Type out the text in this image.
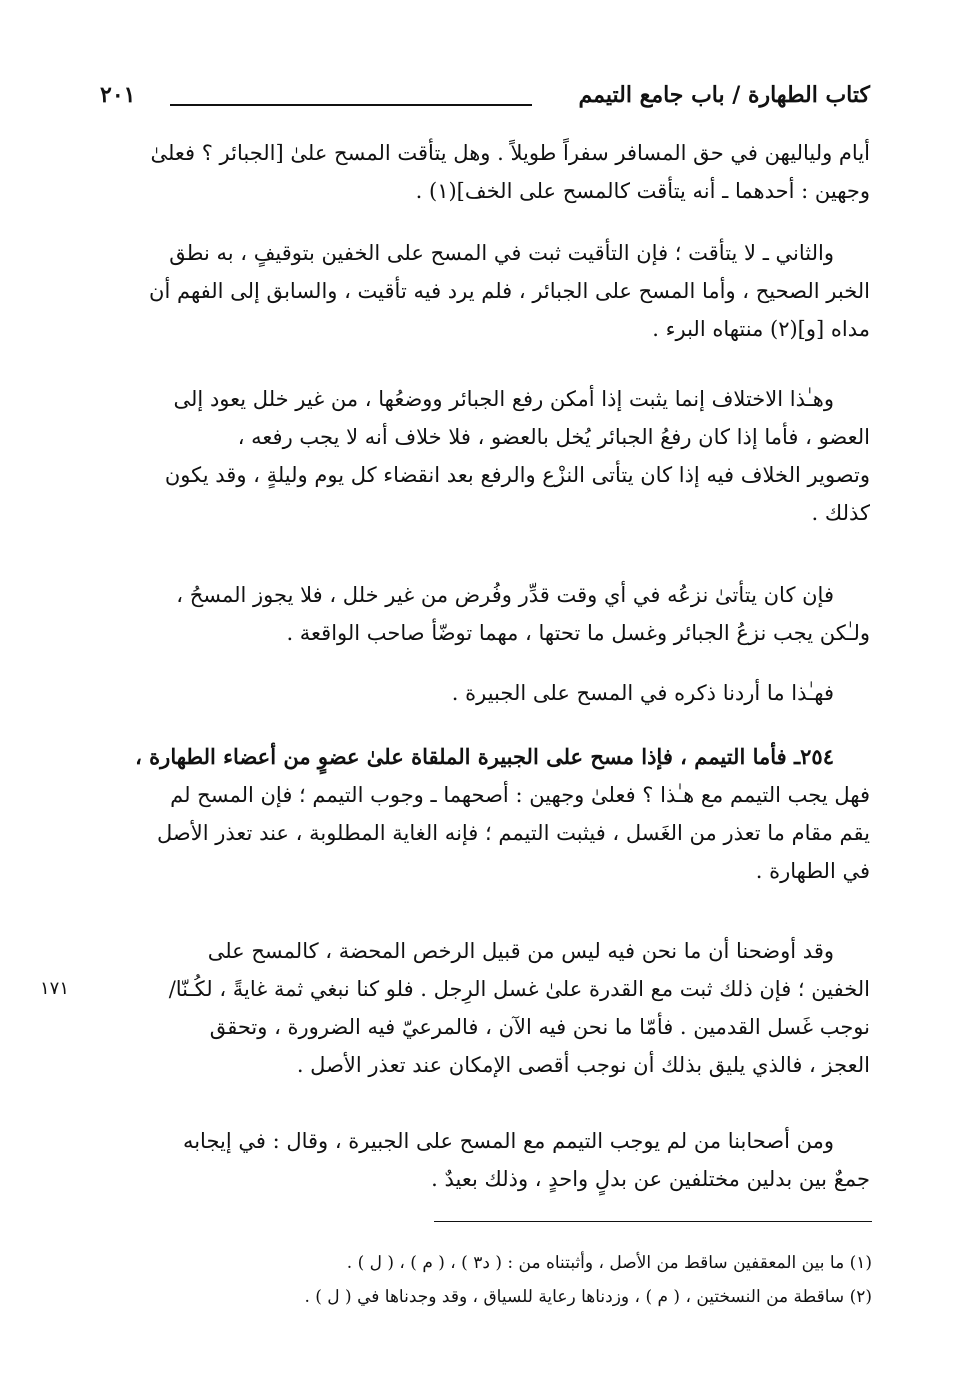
كتاب الطهارة / باب جامع التيمم
٢٠١
أيام ولياليهن في حق المسافر سفراً طويلاً . وهل يتأقت المسح علىٰ [الجبائر ؟ فعلىٰ
وجهين : أحدهما ـ أنه يتأقت كالمسح على الخف](١) .
والثاني ـ لا يتأقت ؛ فإن التأقيت ثبت في المسح على الخفين بتوقيفٍ ، به نطق
الخبر الصحيح ، وأما المسح على الجبائر ، فلم يرد فيه تأقيت ، والسابق إلى الفهم أن
مداه [و](٢) منتهاه البرء .
وهـٰذا الاختلاف إنما يثبت إذا أمكن رفع الجبائر ووضعُها ، من غير خلل يعود إلى
العضو ، فأما إذا كان رفعُ الجبائر يُخل بالعضو ، فلا خلاف أنه لا يجب رفعه ،
وتصوير الخلاف فيه إذا كان يتأتى النزْع والرفع بعد انقضاء كل يوم وليلةٍ ، وقد يكون
كذلك .
فإن كان يتأتىٰ نزعُه في أي وقت قدِّر وفُرض من غير خلل ، فلا يجوز المسحُ ،
ولـٰكن يجب نزعُ الجبائر وغسل ما تحتها ، مهما توضّأ صاحب الواقعة .
فهـٰذا ما أردنا ذكره في المسح على الجبيرة .
٢٥٤ـ فأما التيمم ، فإذا مسح على الجبيرة الملقاة علىٰ عضوٍ من أعضاء الطهارة ،
فهل يجب التيمم مع هـٰذا ؟ فعلىٰ وجهين : أصحهما ـ وجوب التيمم ؛ فإن المسح لم
يقم مقام ما تعذر من الغَسل ، فيثبت التيمم ؛ فإنه الغاية المطلوبة ، عند تعذر الأصل
في الطهارة .
وقد أوضحنا أن ما نحن فيه ليس من قبيل الرخص المحضة ، كالمسح على
الخفين ؛ فإن ذلك ثبت مع القدرة علىٰ غسل الرِجل . فلو كنا نبغي ثمة غايةً ، لكُـنّا/
نوجب غَسل القدمين . فأمّا ما نحن فيه الآن ، فالمرعيّ فيه الضرورة ، وتحقق
العجز ، فالذي يليق بذلك أن نوجب أقصى الإمكان عند تعذر الأصل .
ومن أصحابنا من لم يوجب التيمم مع المسح على الجبيرة ، وقال : في إيجابه
جمعٌ بين بدلين مختلفين عن بدلٍ واحدٍ ، وذلك بعيدٌ .
١٧١
(١) ما بين المعقفين ساقط من الأصل ، وأثبتناه من : ( د٣ ) ، ( م ) ، ( ل ) .
(٢) ساقطة من النسختين ، ( م ) ، وزدناها رعاية للسياق ، وقد وجدناها في ( ل ) .
